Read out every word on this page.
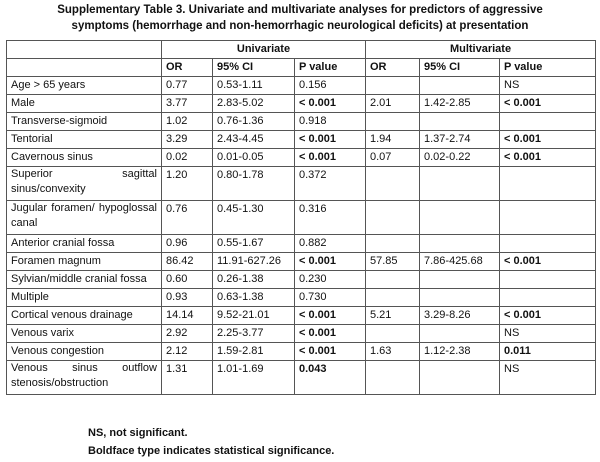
Supplementary Table 3. Univariate and multivariate analyses for predictors of aggressive
symptoms (hemorrhage and non-hemorrhagic neurological deficits) at presentation
	Univariate			Multivariate		
	OR	95% CI	P value	OR	95% CI	P value
Age > 65 years	0.77	0.53-1.11	0.156			NS
Male	3.77	2.83-5.02	< 0.001	2.01	1.42-2.85	< 0.001
Transverse-sigmoid	1.02	0.76-1.36	0.918			
Tentorial	3.29	2.43-4.45	< 0.001	1.94	1.37-2.74	< 0.001
Cavernous sinus	0.02	0.01-0.05	< 0.001	0.07	0.02-0.22	< 0.001
Superior sagittal sinus/convexity	1.20	0.80-1.78	0.372			
Jugular foramen/ hypoglossal canal	0.76	0.45-1.30	0.316			
Anterior cranial fossa	0.96	0.55-1.67	0.882			
Foramen magnum	86.42	11.91-627.26	< 0.001	57.85	7.86-425.68	< 0.001
Sylvian/middle cranial fossa	0.60	0.26-1.38	0.230			
Multiple	0.93	0.63-1.38	0.730			
Cortical venous drainage	14.14	9.52-21.01	< 0.001	5.21	3.29-8.26	< 0.001
Venous varix	2.92	2.25-3.77	< 0.001			NS
Venous congestion	2.12	1.59-2.81	< 0.001	1.63	1.12-2.38	0.011
Venous sinus outflow stenosis/obstruction	1.31	1.01-1.69	0.043			NS
NS, not significant.
Boldface type indicates statistical significance.
